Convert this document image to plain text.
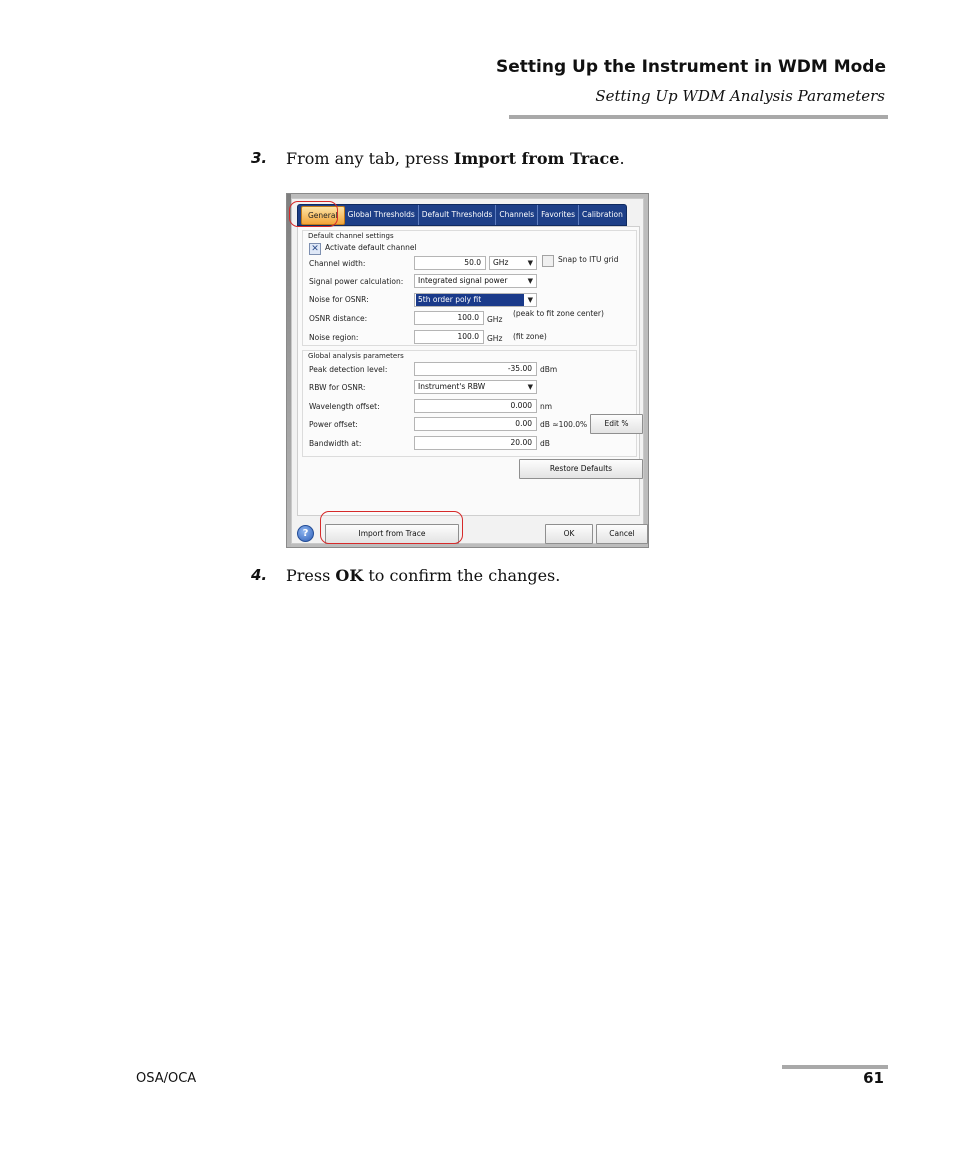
Setting Up the Instrument in WDM Mode
Setting Up WDM Analysis Parameters
3. From any tab, press Import from Trace.
General	Global Thresholds Default Thresholds Channels Favorites Calibration
Default channel settings
✕ Activate default channel
Channel width:	50.0	GHz	▼	Snap to ITU grid
Signal power calculation:	Integrated signal power	▼
Noise for OSNR:	5th order poly fit	▼
OSNR distance:	100.0	GHz
(peak to fit zone center)
Noise region:	100.0	GHz (fit zone)
Global analysis parameters
Peak detection level:	-35.00	dBm
RBW for OSNR:	Instrument's RBW	▼
Wavelength offset:	0.000	nm
Power offset:	0.00	dB ≈100.0%	Edit %
Bandwidth at:	20.00	dB
Restore Defaults
?	Import from Trace	OK	Cancel
4. Press OK to confirm the changes.
OSA/OCA	61
